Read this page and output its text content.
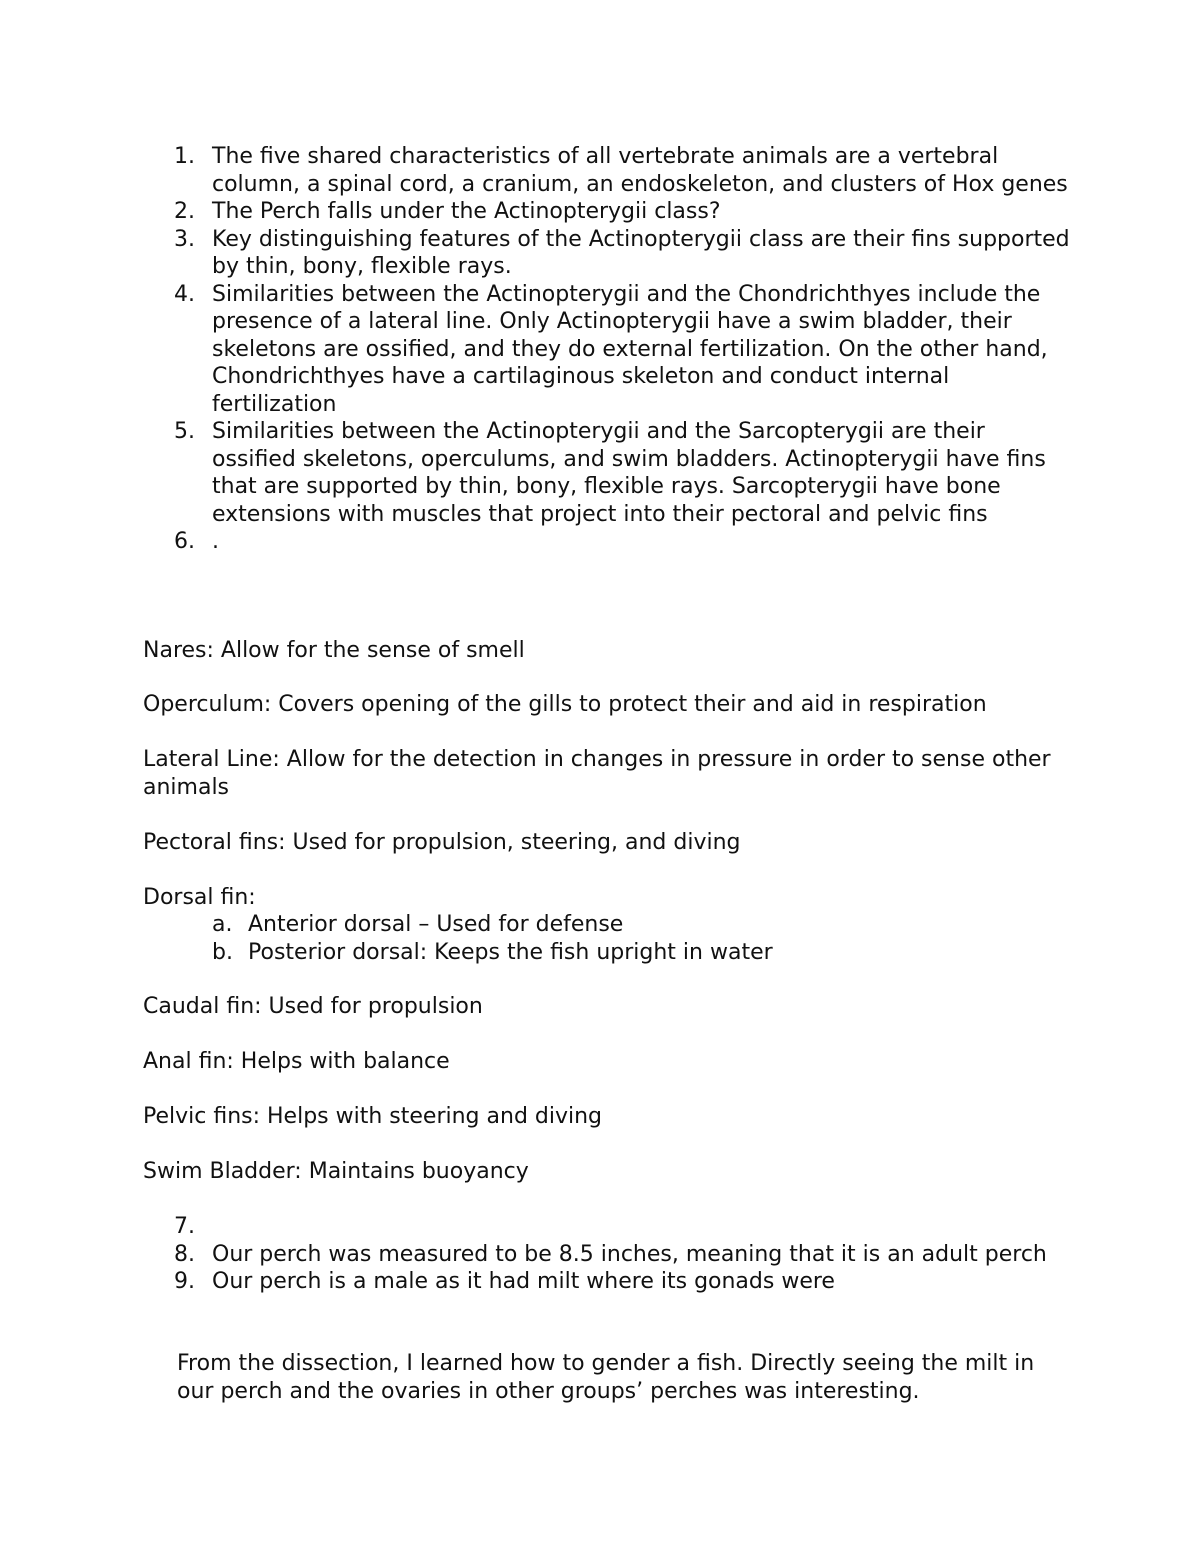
1. The five shared characteristics of all vertebrate animals are a vertebral column, a spinal cord, a cranium, an endoskeleton, and clusters of Hox genes
2. The Perch falls under the Actinopterygii class?
3. Key distinguishing features of the Actinopterygii class are their fins supported by thin, bony, flexible rays.
4. Similarities between the Actinopterygii and the Chondrichthyes include the presence of a lateral line. Only Actinopterygii have a swim bladder, their skeletons are ossified, and they do external fertilization. On the other hand, Chondrichthyes have a cartilaginous skeleton and conduct internal fertilization
5. Similarities between the Actinopterygii and the Sarcopterygii are their ossified skeletons, operculums, and swim bladders. Actinopterygii have fins that are supported by thin, bony, flexible rays. Sarcopterygii have bone extensions with muscles that project into their pectoral and pelvic fins
6. .
Nares: Allow for the sense of smell
Operculum: Covers opening of the gills to protect their and aid in respiration
Lateral Line: Allow for the detection in changes in pressure in order to sense other animals
Pectoral fins: Used for propulsion, steering, and diving
Dorsal fin:
a. Anterior dorsal – Used for defense
b. Posterior dorsal: Keeps the fish upright in water
Caudal fin: Used for propulsion
Anal fin: Helps with balance
Pelvic fins: Helps with steering and diving
Swim Bladder: Maintains buoyancy
7.
8. Our perch was measured to be 8.5 inches, meaning that it is an adult perch
9. Our perch is a male as it had milt where its gonads were
From the dissection, I learned how to gender a fish. Directly seeing the milt in our perch and the ovaries in other groups’ perches was interesting.
